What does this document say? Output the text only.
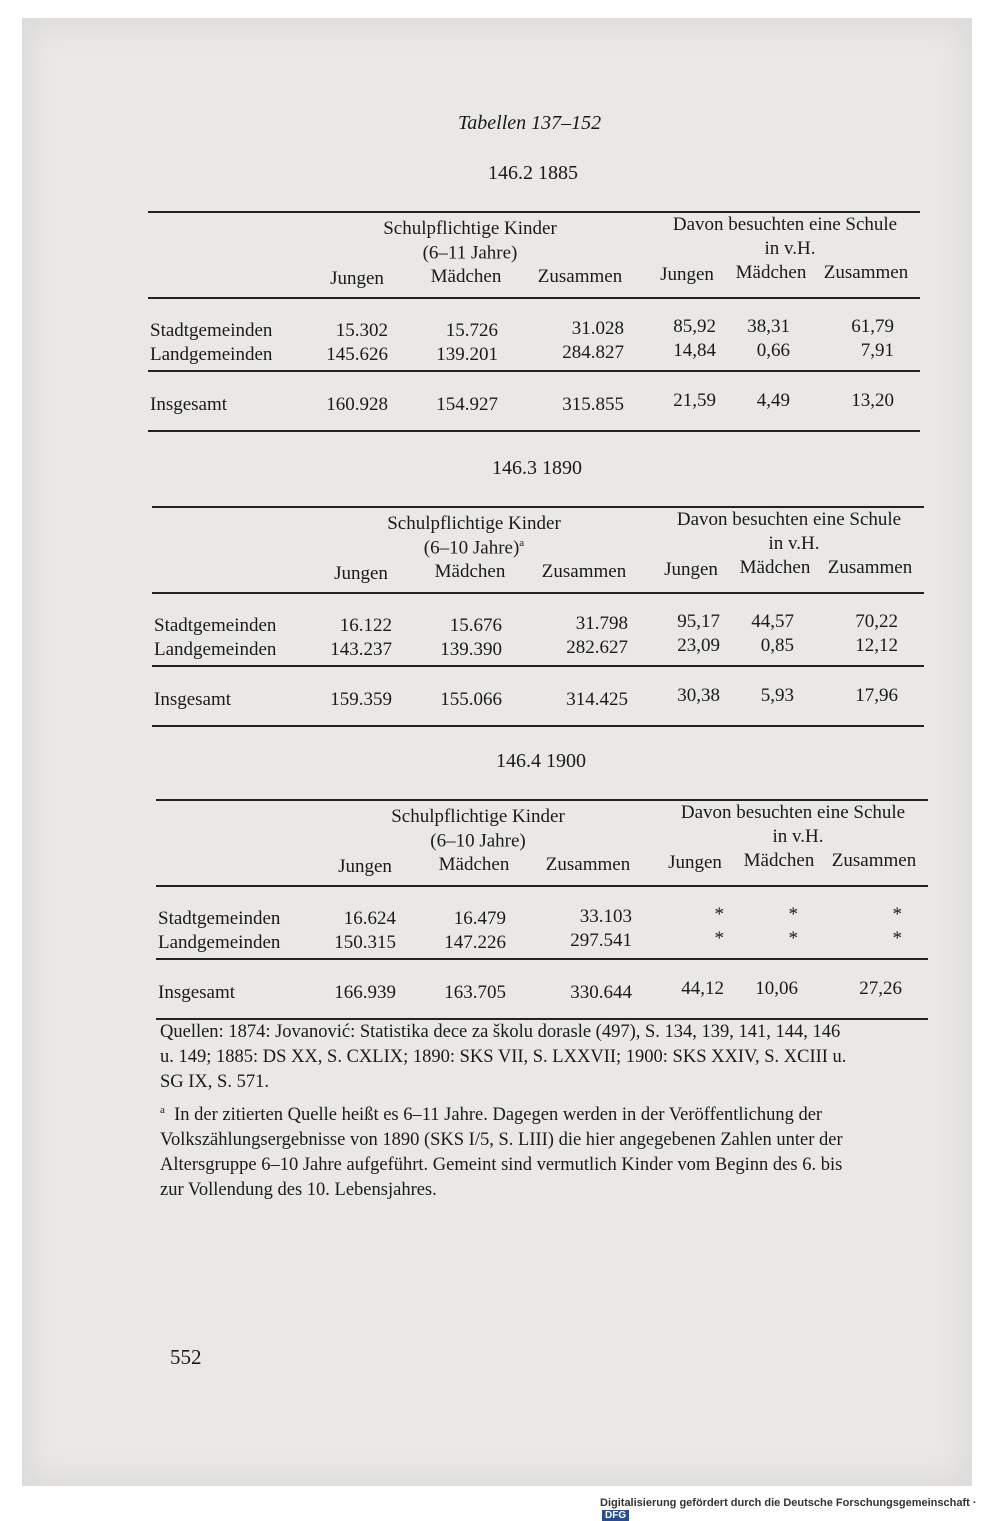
Tabellen 137–152
146.2 1885
Schulpflichtige Kinder
(6–11 Jahre)
Davon besuchten eine Schule
in v.H.
Jungen	Mädchen	Zusammen	Jungen	Mädchen Zusammen
Stadtgemeinden	15.302	15.726	31.028	85,92	38,31	61,79
Landgemeinden	145.626	139.201	284.827	14,84	0,66	7,91
Insgesamt	160.928	154.927	315.855	21,59	4,49	13,20
146.3 1890
Schulpflichtige Kinder
(6–10 Jahre)$^a$
Davon besuchten eine Schule
in v.H.
Jungen	Mädchen	Zusammen	Jungen	Mädchen Zusammen
Stadtgemeinden	16.122	15.676	31.798	95,17	44,57	70,22
Landgemeinden	143.237	139.390	282.627	23,09	0,85	12,12
Insgesamt	159.359	155.066	314.425	30,38	5,93	17,96
146.4 1900
Schulpflichtige Kinder
(6–10 Jahre)
Davon besuchten eine Schule
in v.H.
Jungen	Mädchen	Zusammen	Jungen	Mädchen Zusammen
Stadtgemeinden	16.624	16.479	33.103	*	*	*
Landgemeinden	150.315	147.226	297.541	*	*	*
Insgesamt	166.939	163.705	330.644	44,12	10,06	27,26
Quellen: 1874: Jovanović: Statistika dece za školu dorasle (497), S. 134, 139, 141, 144, 146
u. 149; 1885: DS XX, S. CXLIX; 1890: SKS VII, S. LXXVII; 1900: SKS XXIV, S. XCIII u.
SG IX, S. 571.
$^a$ In der zitierten Quelle heißt es 6–11 Jahre. Dagegen werden in der Veröffentlichung der
Volkszählungsergebnisse von 1890 (SKS I/5, S. LIII) die hier angegebenen Zahlen unter der
Altersgruppe 6–10 Jahre aufgeführt. Gemeint sind vermutlich Kinder vom Beginn des 6. bis
zur Vollendung des 10. Lebensjahres.
552
Digitalisierung gefördert durch die Deutsche Forschungsgemeinschaft ·DFG
